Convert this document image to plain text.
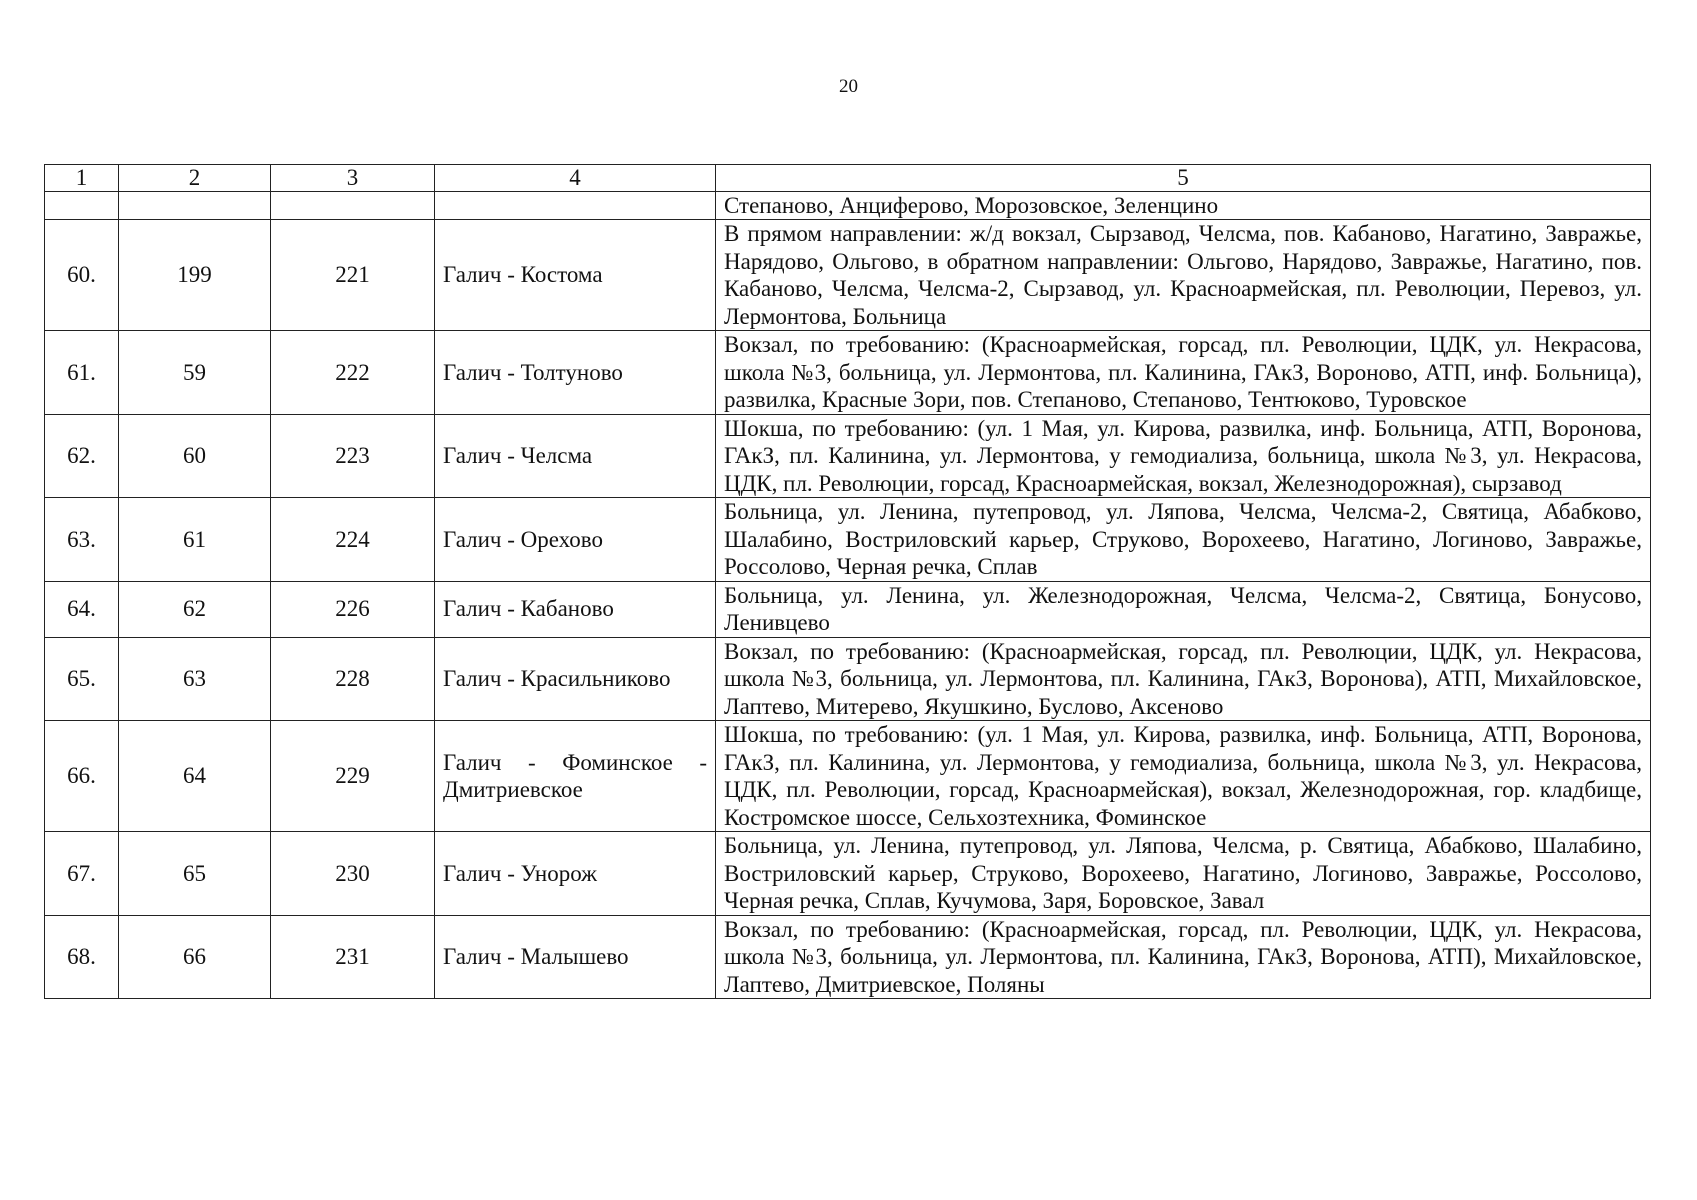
20
1	2	3	4	5
				Степаново, Анциферово, Морозовское, Зеленцино
60.	199	221	Галич - Костома	В прямом направлении: ж/д вокзал, Сырзавод, Челсма, пов. Кабаново, Нагатино, Завражье, Нарядово, Ольгово, в обратном направлении: Ольгово, Нарядово, Завражье, Нагатино, пов. Кабаново, Челсма, Челсма-2, Сырзавод, ул. Красноармейская, пл. Революции, Перевоз, ул. Лермонтова, Больница
61.	59	222	Галич - Толтуново	Вокзал, по требованию: (Красноармейская, горсад, пл. Революции, ЦДК, ул. Некрасова, школа №3, больница, ул. Лермонтова, пл. Калинина, ГАкЗ, Вороново, АТП, инф. Больница), развилка, Красные Зори, пов. Степаново, Степаново, Тентюково, Туровское
62.	60	223	Галич - Челсма	Шокша, по требованию: (ул. 1 Мая, ул. Кирова, развилка, инф. Больница, АТП, Воронова, ГАкЗ, пл. Калинина, ул. Лермонтова, у гемодиализа, больница, школа №3, ул. Некрасова, ЦДК, пл. Революции, горсад, Красноармейская, вокзал, Железнодорожная), сырзавод
63.	61	224	Галич - Орехово	Больница, ул. Ленина, путепровод, ул. Ляпова, Челсма, Челсма-2, Святица, Абабково, Шалабино, Востриловский карьер, Струково, Ворохеево, Нагатино, Логиново, Завражье, Россолово, Черная речка, Сплав
64.	62	226	Галич - Кабаново	Больница, ул. Ленина, ул. Железнодорожная, Челсма, Челсма-2, Святица, Бонусово, Ленивцево
65.	63	228	Галич - Красильниково	Вокзал, по требованию: (Красноармейская, горсад, пл. Революции, ЦДК, ул. Некрасова, школа №3, больница, ул. Лермонтова, пл. Калинина, ГАкЗ, Воронова), АТП, Михайловское, Лаптево, Митерево, Якушкино, Буслово, Аксеново
66.	64	229	Галич - Фоминское - Дмитриевское	Шокша, по требованию: (ул. 1 Мая, ул. Кирова, развилка, инф. Больница, АТП, Воронова, ГАкЗ, пл. Калинина, ул. Лермонтова, у гемодиализа, больница, школа №3, ул. Некрасова, ЦДК, пл. Революции, горсад, Красноармейская), вокзал, Железнодорожная, гор. кладбище, Костромское шоссе, Сельхозтехника, Фоминское
67.	65	230	Галич - Унорож	Больница, ул. Ленина, путепровод, ул. Ляпова, Челсма, р. Святица, Абабково, Шалабино, Востриловский карьер, Струково, Ворохеево, Нагатино, Логиново, Завражье, Россолово, Черная речка, Сплав, Кучумова, Заря, Боровское, Завал
68.	66	231	Галич - Малышево	Вокзал, по требованию: (Красноармейская, горсад, пл. Революции, ЦДК, ул. Некрасова, школа №3, больница, ул. Лермонтова, пл. Калинина, ГАкЗ, Воронова, АТП), Михайловское, Лаптево, Дмитриевское, Поляны
